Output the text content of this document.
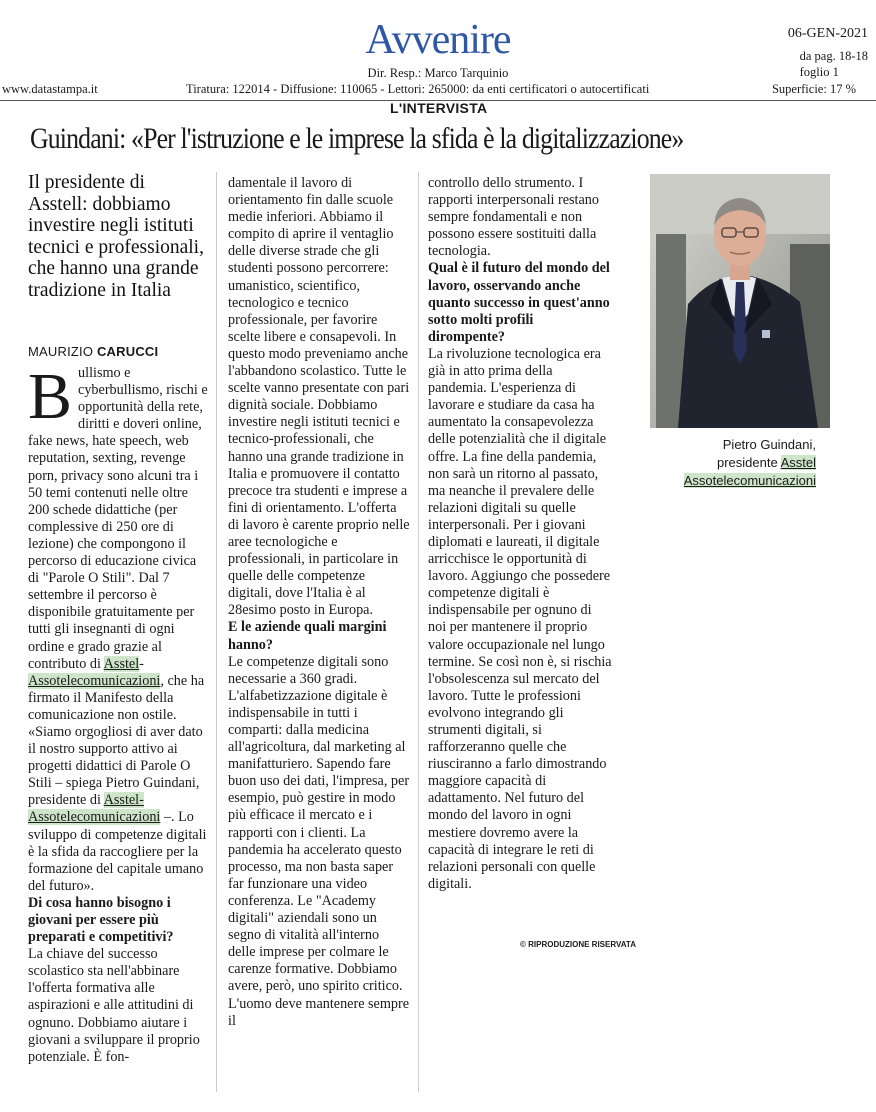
Avvenire	06-GEN-2021
da pag. 18-18
foglio 1
Dir. Resp.: Marco Tarquinio
www.datastampa.it	Tiratura: 122014 - Diffusione: 110065 - Lettori: 265000: da enti certificatori o autocertificati	Superficie: 17 %
L'INTERVISTA
Guindani: «Per l'istruzione e le imprese la sfida è la digitalizzazione»
Il presidente di Asstell: dobbiamo investire negli istituti tecnici e professionali, che hanno una grande tradizione in Italia
MAURIZIO CARUCCI

Bullismo e cyberbullismo, rischi e opportunità della rete, diritti e doveri online, fake news, hate speech, web reputation, sexting, revenge porn, privacy sono alcuni tra i 50 temi contenuti nelle oltre 200 schede didattiche (per complessive di 250 ore di lezione) che compongono il percorso di educazione civica di "Parole O Stili". Dal 7 settembre il percorso è disponibile gratuitamente per tutti gli insegnanti di ogni ordine e grado grazie al contributo di Asstel-Assotelecomunicazioni, che ha firmato il Manifesto della comunicazione non ostile. «Siamo orgogliosi di aver dato il nostro supporto attivo ai progetti didattici di Parole O Stili – spiega Pietro Guindani, presidente di Asstel-Assotelecomunicazioni –. Lo sviluppo di competenze digitali è la sfida da raccogliere per la formazione del capitale umano del futuro».

Di cosa hanno bisogno i giovani per essere più preparati e competitivi?

La chiave del successo scolastico sta nell'abbinare l'offerta formativa alle aspirazioni e alle attitudini di ognuno. Dobbiamo aiutare i giovani a sviluppare il proprio potenziale. È fon-

damentale il lavoro di orientamento fin dalle scuole medie inferiori. Abbiamo il compito di aprire il ventaglio delle diverse strade che gli studenti possono percorrere: umanistico, scientifico, tecnologico e tecnico professionale, per favorire scelte libere e consapevoli. In questo modo preveniamo anche l'abbandono scolastico. Tutte le scelte vanno presentate con pari dignità sociale. Dobbiamo investire negli istituti tecnici e tecnico-professionali, che hanno una grande tradizione in Italia e promuovere il contatto precoce tra studenti e imprese a fini di orientamento. L'offerta di lavoro è carente proprio nelle aree tecnologiche e professionali, in particolare in quelle delle competenze digitali, dove l'Italia è al 28esimo posto in Europa.

E le aziende quali margini hanno?

Le competenze digitali sono necessarie a 360 gradi. L'alfabetizzazione digitale è indispensabile in tutti i comparti: dalla medicina all'agricoltura, dal marketing al manifatturiero. Sapendo fare buon uso dei dati, l'impresa, per esempio, può gestire in modo più efficace il mercato e i rapporti con i clienti. La pandemia ha accelerato questo processo, ma non basta saper far funzionare una video conferenza. Le "Academy digitali" aziendali sono un segno di vitalità all'interno delle imprese per colmare le carenze formative. Dobbiamo avere, però, uno spirito critico. L'uomo deve mantenere sempre il

controllo dello strumento. I rapporti interpersonali restano sempre fondamentali e non possono essere sostituiti dalla tecnologia.

Qual è il futuro del mondo del lavoro, osservando anche quanto successo in quest'anno sotto molti profili dirompente?

La rivoluzione tecnologica era già in atto prima della pandemia. L'esperienza di lavorare e studiare da casa ha aumentato la consapevolezza delle potenzialità che il digitale offre. La fine della pandemia, non sarà un ritorno al passato, ma neanche il prevalere delle relazioni digitali su quelle interpersonali. Per i giovani diplomati e laureati, il digitale arricchisce le opportunità di lavoro. Aggiungo che possedere competenze digitali è indispensabile per ognuno di noi per mantenere il proprio valore occupazionale nel lungo termine. Se così non è, si rischia l'obsolescenza sul mercato del lavoro. Tutte le professioni evolvono integrando gli strumenti digitali, si rafforzeranno quelle che riusciranno a farlo dimostrando maggiore capacità di adattamento. Nel futuro del mondo del lavoro in ogni mestiere dovremo avere la capacità di integrare le reti di relazioni personali con quelle digitali.

© RIPRODUZIONE RISERVATA
Pietro Guindani,
presidente Asstel
Assotelecomunicazioni
